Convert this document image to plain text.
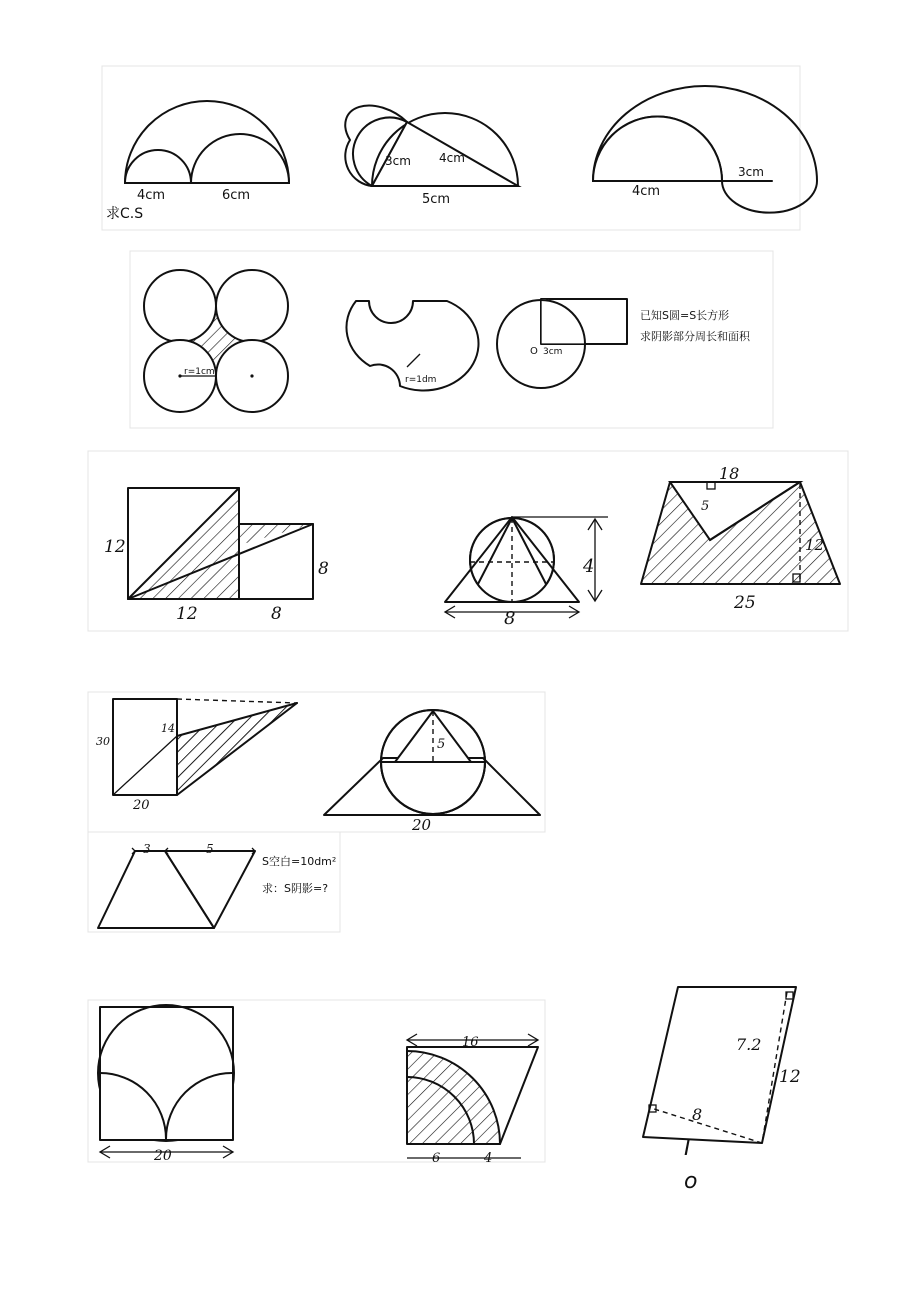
4cm	6cm
求C.S
3cm 4cm
5cm
4cm
3cm
r=1cm
r=1dm
O 3cm
已知S圆=S长方形
求阴影部分周长和面积
12
12	8
8	4
8
18
5
12
25
30
14
20
5
20
3	5
S空白=10dm²
求：S阴影=?
20
16
6	4
7.2
12
8
I
o
10
